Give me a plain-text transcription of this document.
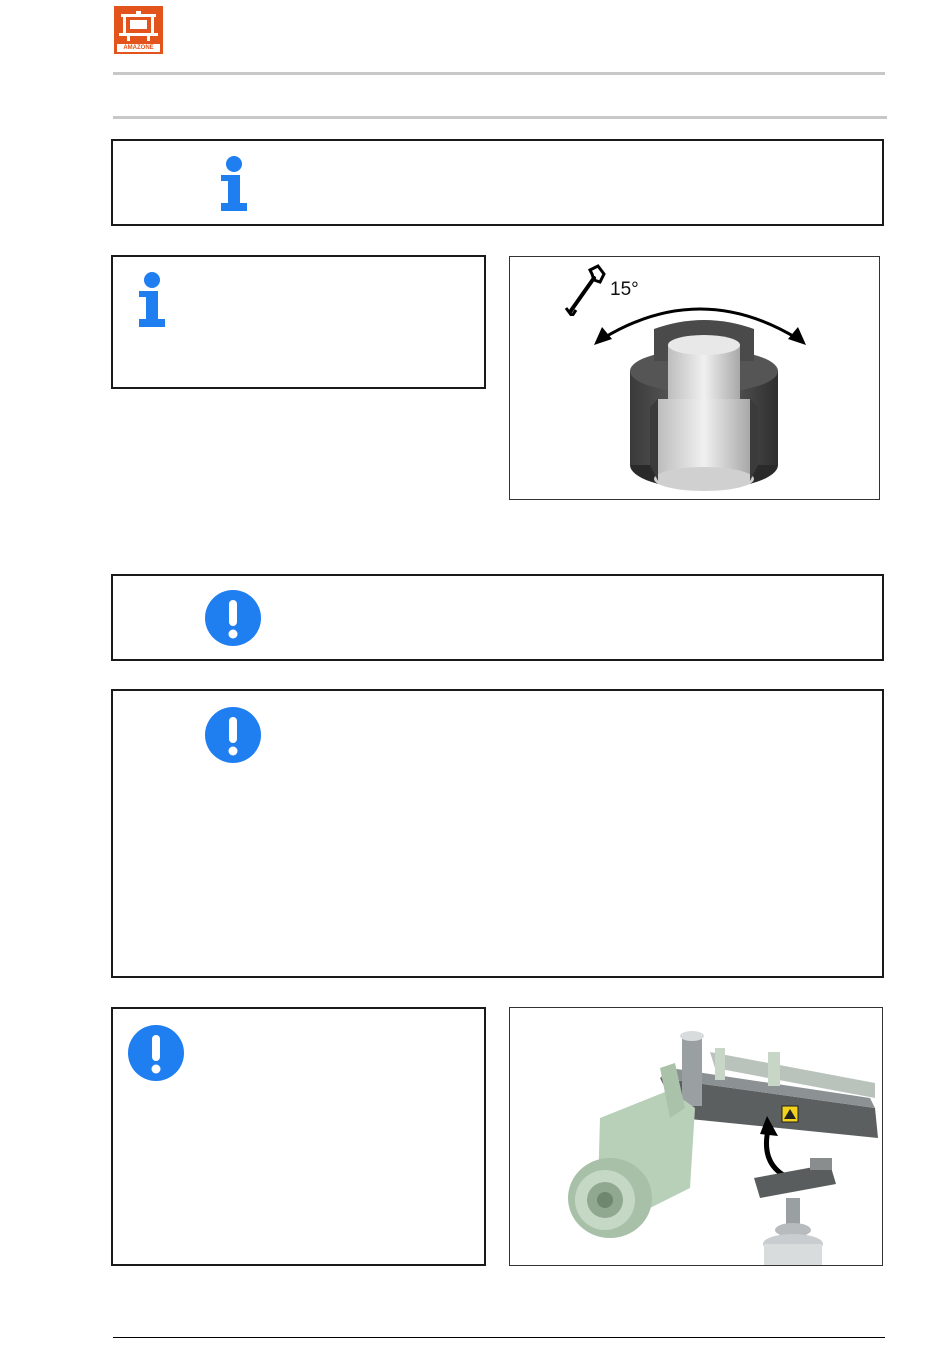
AMAZONE
15°
